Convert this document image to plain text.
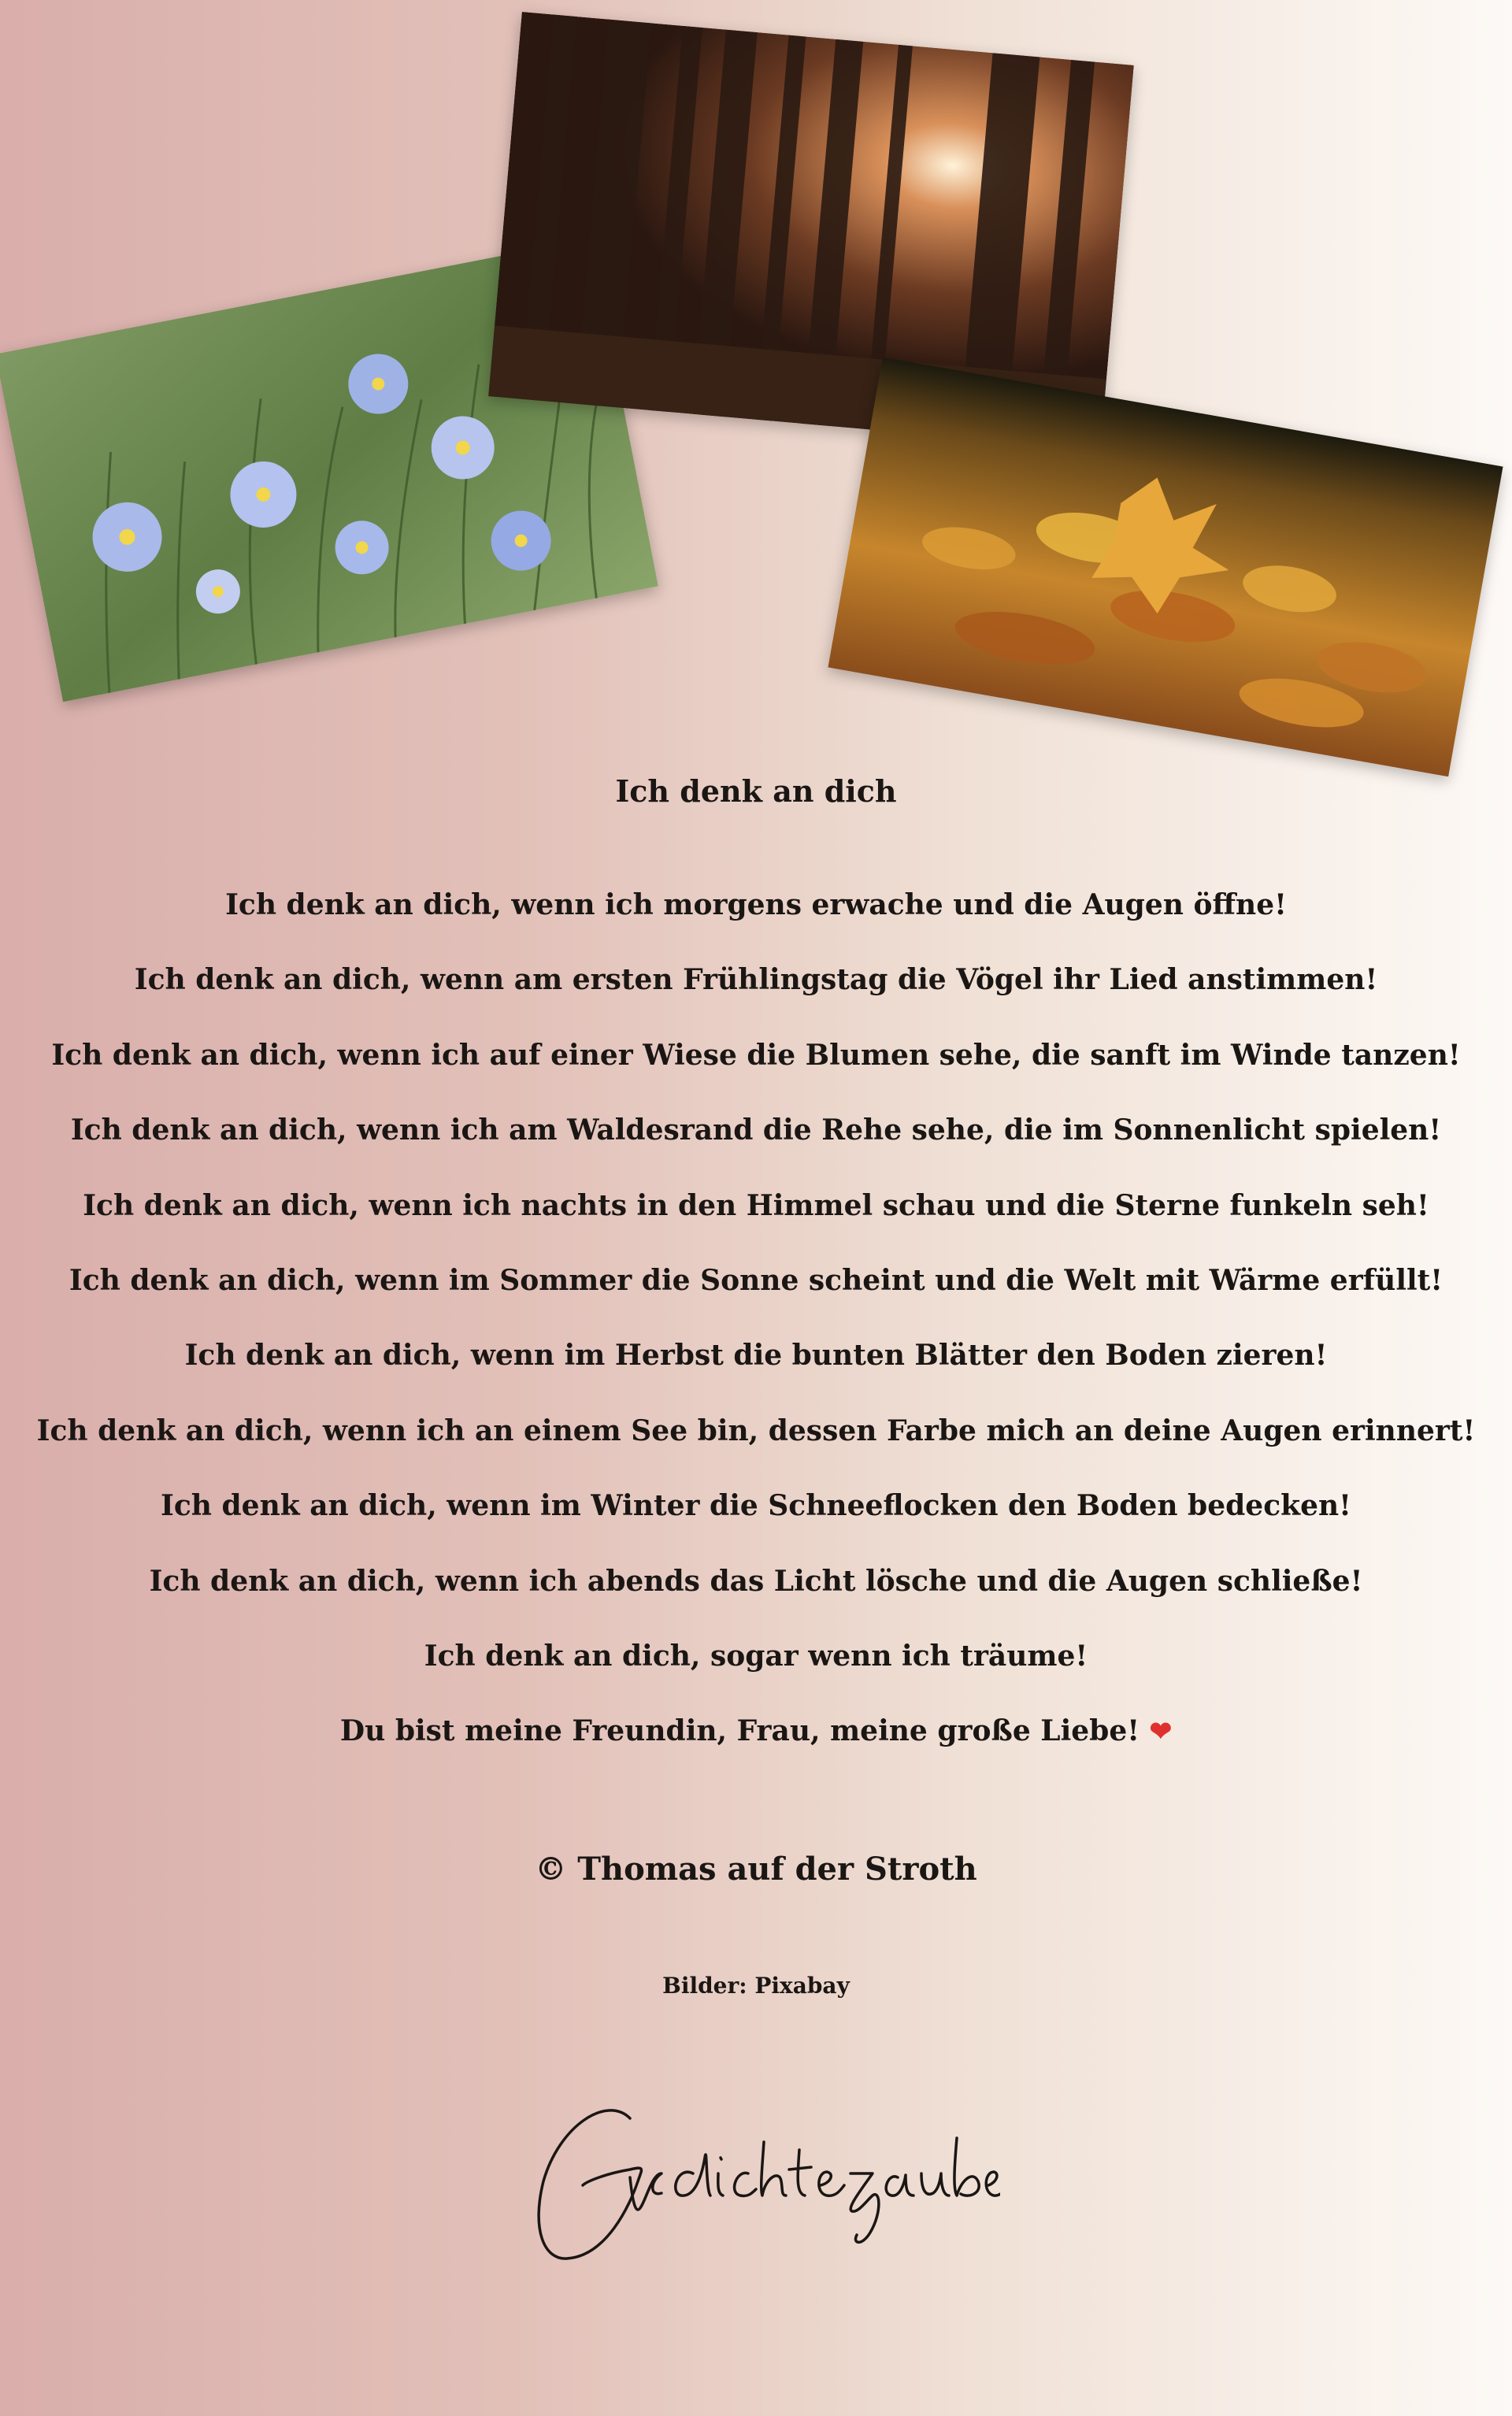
Ich denk an dich
Ich denk an dich, wenn ich morgens erwache und die Augen öffne!
Ich denk an dich, wenn am ersten Frühlingstag die Vögel ihr Lied anstimmen!
Ich denk an dich, wenn ich auf einer Wiese die Blumen sehe, die sanft im Winde tanzen!
Ich denk an dich, wenn ich am Waldesrand die Rehe sehe, die im Sonnenlicht spielen!
Ich denk an dich, wenn ich nachts in den Himmel schau und die Sterne funkeln seh!
Ich denk an dich, wenn im Sommer die Sonne scheint und die Welt mit Wärme erfüllt!
Ich denk an dich, wenn im Herbst die bunten Blätter den Boden zieren!
Ich denk an dich, wenn ich an einem See bin, dessen Farbe mich an deine Augen erinnert!
Ich denk an dich, wenn im Winter die Schneeflocken den Boden bedecken!
Ich denk an dich, wenn ich abends das Licht lösche und die Augen schließe!
Ich denk an dich, sogar wenn ich träume!
Du bist meine Freundin, Frau, meine große Liebe! ❤
© Thomas auf der Stroth
Bilder: Pixabay
